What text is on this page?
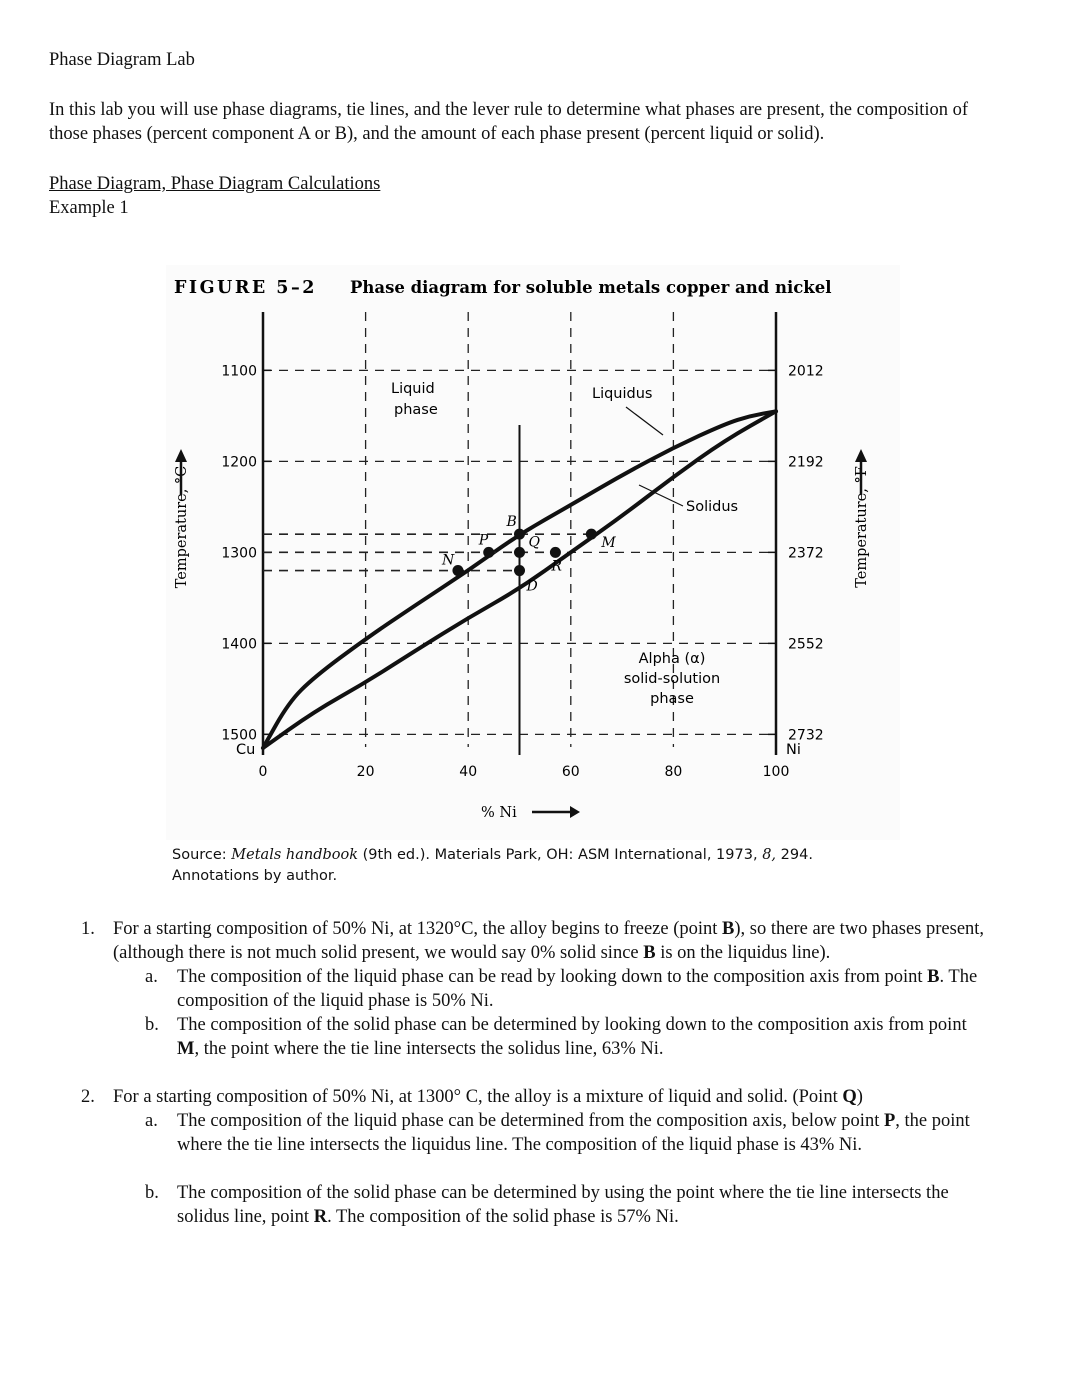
Phase Diagram Lab

In this lab you will use phase diagrams, tie lines, and the lever rule to determine what phases are present, the composition of those phases (percent component A or B), and the amount of each phase present (percent liquid or solid).

Phase Diagram, Phase Diagram Calculations
Example 1

FIGURE 5–2 Phase diagram for soluble metals copper and nickel
1500	2732
1400	2552
1300	2372
1200	2192
1100	2012
0	20	40	60	80	100
B
M
P	Q
R
N
D
Liquid
phase
Liquidus
Solidus
Alpha (α)
solid-solution
phase
Cu	Ni
% Ni
Temperature, °C	Temperature, °F
Source: Metals handbook (9th ed.). Materials Park, OH: ASM International, 1973, 8, 294.
Annotations by author.
1. For a starting composition of 50% Ni, at 1320°C, the alloy begins to freeze (point B), so there are two phases present, (although there is not much solid present, we would say 0% solid since B is on the liquidus line).
a. The composition of the liquid phase can be read by looking down to the composition axis from point B. The composition of the liquid phase is 50% Ni.
b. The composition of the solid phase can be determined by looking down to the composition axis from point M, the point where the tie line intersects the solidus line, 63% Ni.
2. For a starting composition of 50% Ni, at 1300° C, the alloy is a mixture of liquid and solid. (Point Q)
a. The composition of the liquid phase can be determined from the composition axis, below point P, the point where the tie line intersects the liquidus line. The composition of the liquid phase is 43% Ni.
b. The composition of the solid phase can be determined by using the point where the tie line intersects the solidus line, point R. The composition of the solid phase is 57% Ni.
